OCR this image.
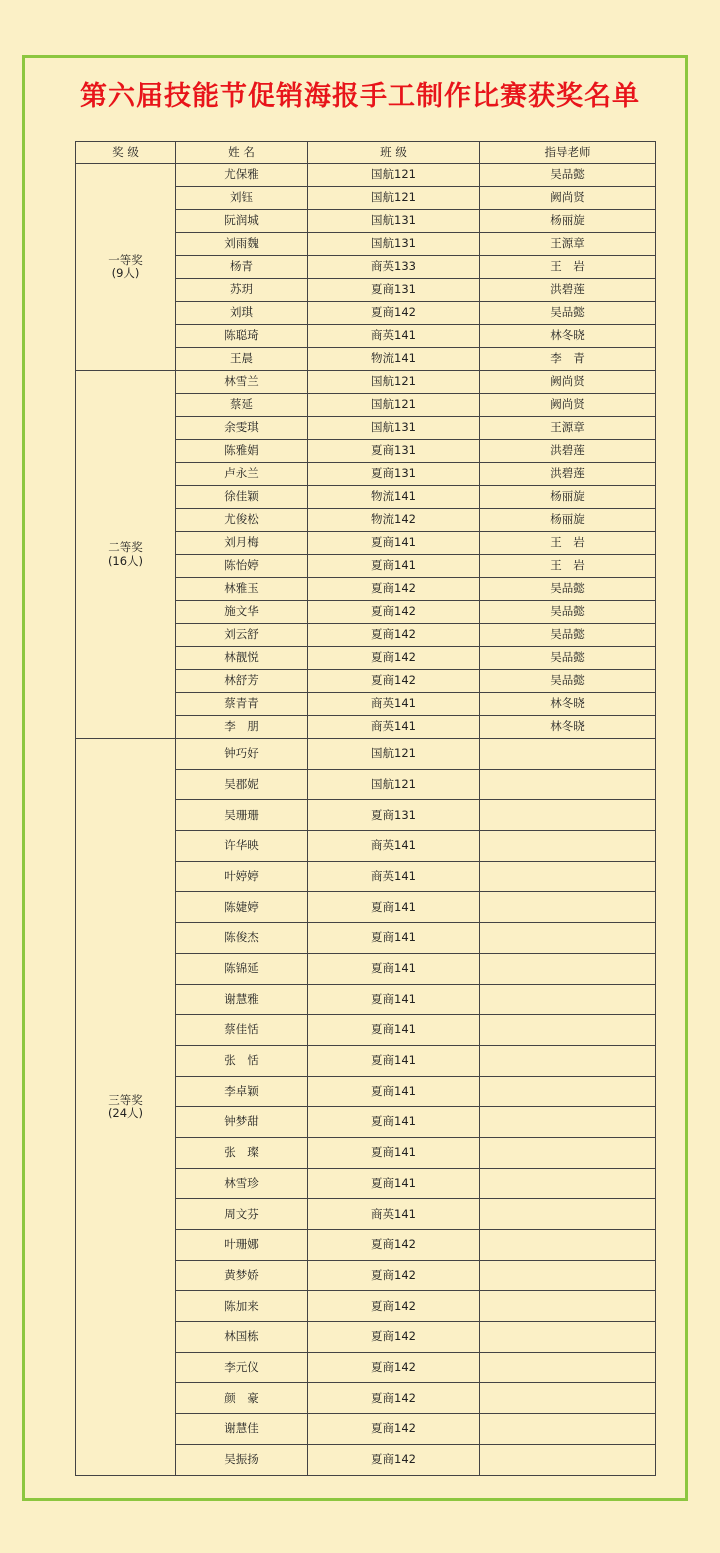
第六届技能节促销海报手工制作比赛获奖名单
奖 级	姓 名	班 级	指导老师
一等奖
(9人)	尤保雅	国航121	吴品懿
	刘钰	国航121	阙尚贤
	阮润城	国航131	杨丽旋
	刘雨魏	国航131	王源章
	杨青	商英133	王　岩
	苏玥	夏商131	洪碧莲
	刘琪	夏商142	吴品懿
	陈聪琦	商英141	林冬晓
	王晨	物流141	李　青
二等奖
(16人)	林雪兰	国航121	阙尚贤
	蔡延	国航121	阙尚贤
	余雯琪	国航131	王源章
	陈雅娟	夏商131	洪碧莲
	卢永兰	夏商131	洪碧莲
	徐佳颖	物流141	杨丽旋
	尤俊松	物流142	杨丽旋
	刘月梅	夏商141	王　岩
	陈怡婷	夏商141	王　岩
	林雅玉	夏商142	吴品懿
	施文华	夏商142	吴品懿
	刘云舒	夏商142	吴品懿
	林靓悦	夏商142	吴品懿
	林舒芳	夏商142	吴品懿
	蔡青青	商英141	林冬晓
	李　朋	商英141	林冬晓
三等奖
(24人)	钟巧好	国航121	
	吴郡妮	国航121	
	吴珊珊	夏商131	
	许华映	商英141	
	叶婷婷	商英141	
	陈婕婷	夏商141	
	陈俊杰	夏商141	
	陈锦延	夏商141	
	谢慧雅	夏商141	
	蔡佳恬	夏商141	
	张　恬	夏商141	
	李卓颖	夏商141	
	钟梦甜	夏商141	
	张　璨	夏商141	
	林雪珍	夏商141	
	周文芬	商英141	
	叶珊娜	夏商142	
	黄梦娇	夏商142	
	陈加来	夏商142	
	林国栋	夏商142	
	李元仪	夏商142	
	颜　豪	夏商142	
	谢慧佳	夏商142	
	吴振扬	夏商142	
